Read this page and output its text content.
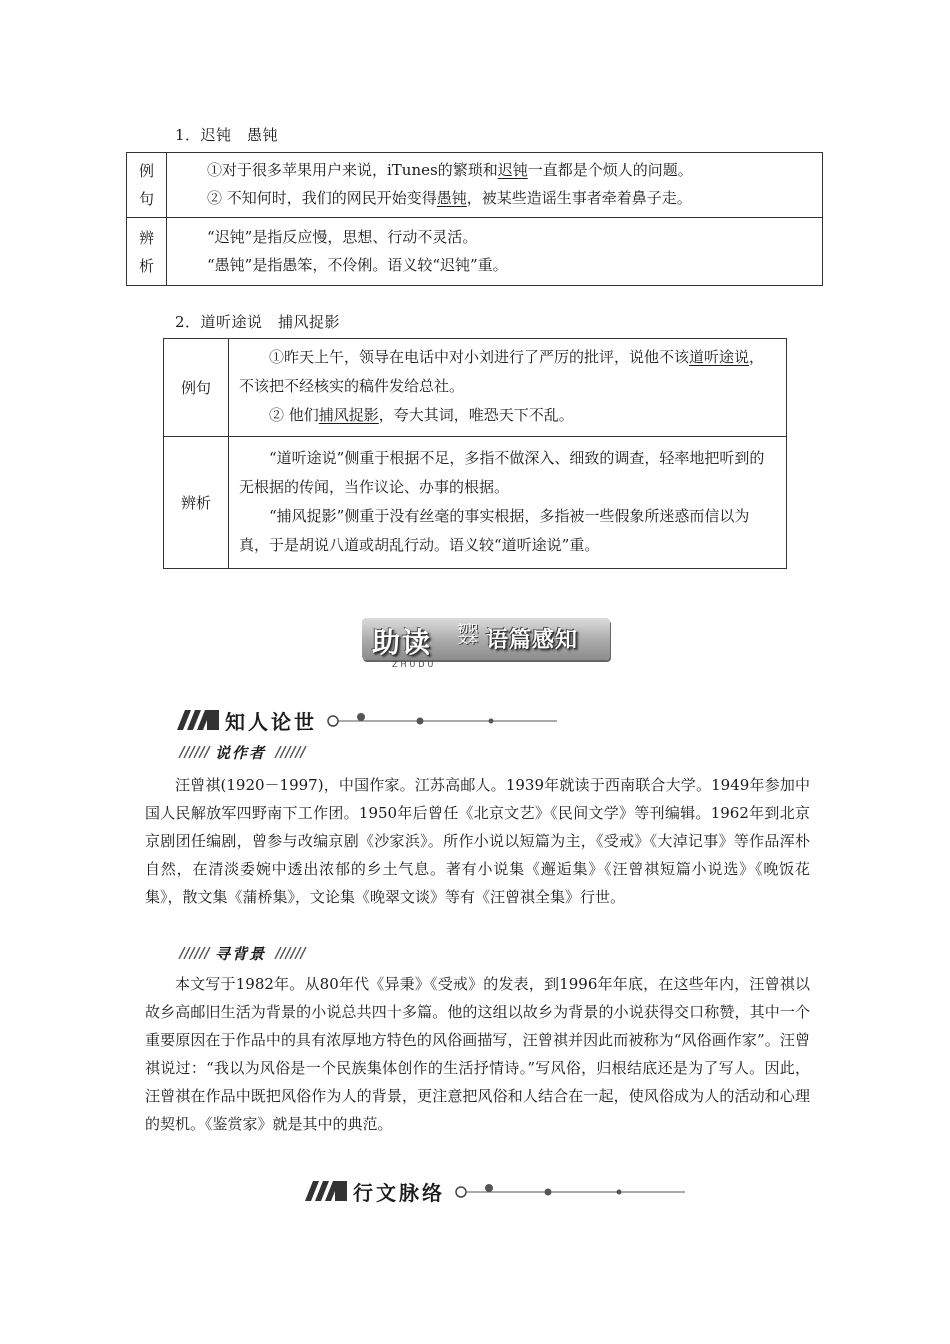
1．迟钝　愚钝
例
句	①对于很多苹果用户来说，iTunes的繁琐和迟钝一直都是个烦人的问题。
② 不知何时，我们的网民开始变得愚钝，被某些造谣生事者牵着鼻子走。

辨
析	“迟钝”是指反应慢，思想、行动不灵活。
“愚钝”是指愚笨，不伶俐。语义较“迟钝”重。
2．道听途说　捕风捉影
例句	①昨天上午，领导在电话中对小刘进行了严厉的批评，说他不该道听途说，不该把不经核实的稿件发给总社。
② 他们捕风捉影，夸大其词，唯恐天下不乱。

辨析	“道听途说”侧重于根据不足，多指不做深入、细致的调查，轻率地把听到的无根据的传闻，当作议论、办事的根据。
“捕风捉影”侧重于没有丝毫的事实根据，多指被一些假象所迷惑而信以为真，于是胡说八道或胡乱行动。语义较“道听途说”重。
助读	初识
文本 语篇感知
ZHUDU
知人论世
说作者
汪曾祺(1920－1997)，中国作家。江苏高邮人。1939年就读于西南联合大学。1949年参加中国人民解放军四野南下工作团。1950年后曾任《北京文艺》《民间文学》等刊编辑。1962年到北京京剧团任编剧，曾参与改编京剧《沙家浜》。所作小说以短篇为主，《受戒》《大淖记事》等作品浑朴自然，在清淡委婉中透出浓郁的乡土气息。著有小说集《邂逅集》《汪曾祺短篇小说选》《晚饭花集》，散文集《蒲桥集》，文论集《晚翠文谈》等有《汪曾祺全集》行世。
寻背景
本文写于1982年。从80年代《异秉》《受戒》的发表，到1996年年底，在这些年内，汪曾祺以故乡高邮旧生活为背景的小说总共四十多篇。他的这组以故乡为背景的小说获得交口称赞，其中一个重要原因在于作品中的具有浓厚地方特色的风俗画描写，汪曾祺并因此而被称为“风俗画作家”。汪曾祺说过：“我以为风俗是一个民族集体创作的生活抒情诗。”写风俗，归根结底还是为了写人。因此，汪曾祺在作品中既把风俗作为人的背景，更注意把风俗和人结合在一起，使风俗成为人的活动和心理的契机。《鉴赏家》就是其中的典范。
行文脉络
